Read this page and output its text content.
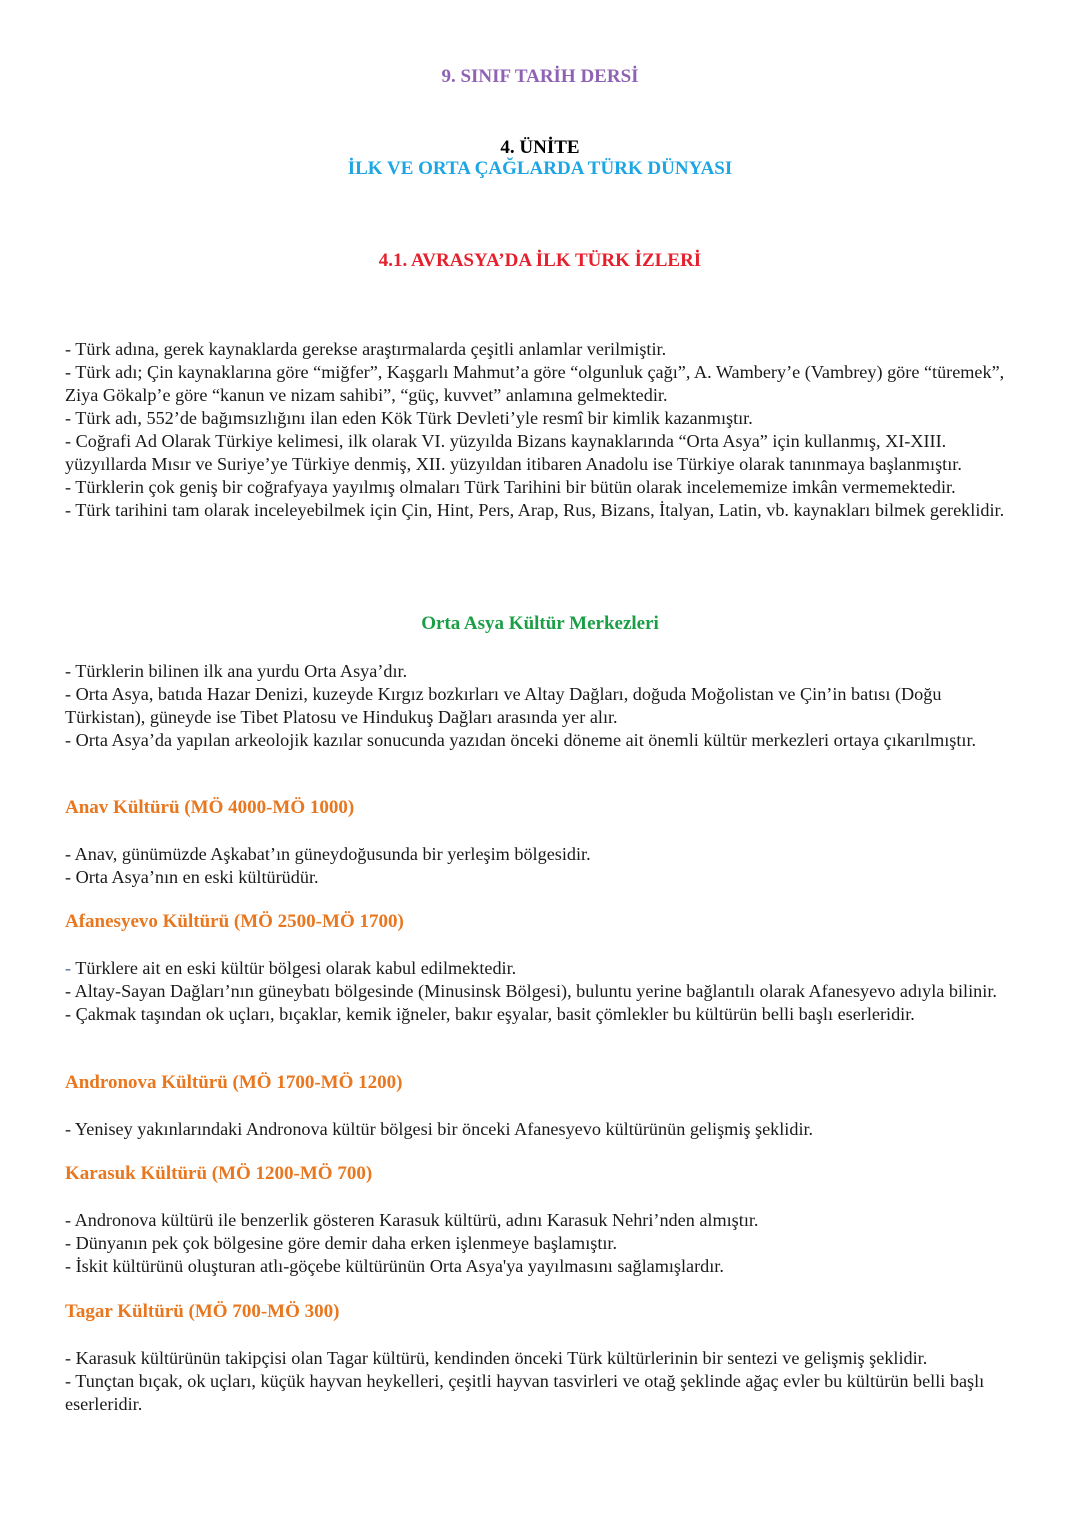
9. SINIF TARİH DERSİ
4. ÜNİTE
İLK VE ORTA ÇAĞLARDA TÜRK DÜNYASI
4.1. AVRASYA’DA İLK TÜRK İZLERİ

- Türk adına, gerek kaynaklarda gerekse araştırmalarda çeşitli anlamlar verilmiştir.

- Türk adı; Çin kaynaklarına göre “miğfer”, Kaşgarlı Mahmut’a göre “olgunluk çağı”, A. Wambery’e (Vambrey) göre “türemek”, Ziya Gökalp’e göre “kanun ve nizam sahibi”, “güç, kuvvet” anlamına gelmektedir.

- Türk adı, 552’de bağımsızlığını ilan eden Kök Türk Devleti’yle resmî bir kimlik kazanmıştır.

- Coğrafi Ad Olarak Türkiye kelimesi, ilk olarak VI. yüzyılda Bizans kaynaklarında “Orta Asya” için kullanmış, XI-XIII. yüzyıllarda Mısır ve Suriye’ye Türkiye denmiş, XII. yüzyıldan itibaren Anadolu ise Türkiye olarak tanınmaya başlanmıştır.

- Türklerin çok geniş bir coğrafyaya yayılmış olmaları Türk Tarihini bir bütün olarak incelememize imkân vermemektedir.

- Türk tarihini tam olarak inceleyebilmek için Çin, Hint, Pers, Arap, Rus, Bizans, İtalyan, Latin, vb. kaynakları bilmek gereklidir.

Orta Asya Kültür Merkezleri

- Türklerin bilinen ilk ana yurdu Orta Asya’dır.

- Orta Asya, batıda Hazar Denizi, kuzeyde Kırgız bozkırları ve Altay Dağları, doğuda Moğolistan ve Çin’in batısı (Doğu Türkistan), güneyde ise Tibet Platosu ve Hindukuş Dağları arasında yer alır.

- Orta Asya’da yapılan arkeolojik kazılar sonucunda yazıdan önceki döneme ait önemli kültür merkezleri ortaya çıkarılmıştır.

Anav Kültürü (MÖ 4000-MÖ 1000)

- Anav, günümüzde Aşkabat’ın güneydoğusunda bir yerleşim bölgesidir.

- Orta Asya’nın en eski kültürüdür.

Afanesyevo Kültürü (MÖ 2500-MÖ 1700)

- Türklere ait en eski kültür bölgesi olarak kabul edilmektedir.

- Altay-Sayan Dağları’nın güneybatı bölgesinde (Minusinsk Bölgesi), buluntu yerine bağlantılı olarak Afanesyevo adıyla bilinir.

- Çakmak taşından ok uçları, bıçaklar, kemik iğneler, bakır eşyalar, basit çömlekler bu kültürün belli başlı eserleridir.

Andronova Kültürü (MÖ 1700-MÖ 1200)

- Yenisey yakınlarındaki Andronova kültür bölgesi bir önceki Afanesyevo kültürünün gelişmiş şeklidir.

Karasuk Kültürü (MÖ 1200-MÖ 700)

- Andronova kültürü ile benzerlik gösteren Karasuk kültürü, adını Karasuk Nehri’nden almıştır.

- Dünyanın pek çok bölgesine göre demir daha erken işlenmeye başlamıştır.

- İskit kültürünü oluşturan atlı-göçebe kültürünün Orta Asya'ya yayılmasını sağlamışlardır.

Tagar Kültürü (MÖ 700-MÖ 300)

- Karasuk kültürünün takipçisi olan Tagar kültürü, kendinden önceki Türk kültürlerinin bir sentezi ve gelişmiş şeklidir.

- Tunçtan bıçak, ok uçları, küçük hayvan heykelleri, çeşitli hayvan tasvirleri ve otağ şeklinde ağaç evler bu kültürün belli başlı eserleridir.
